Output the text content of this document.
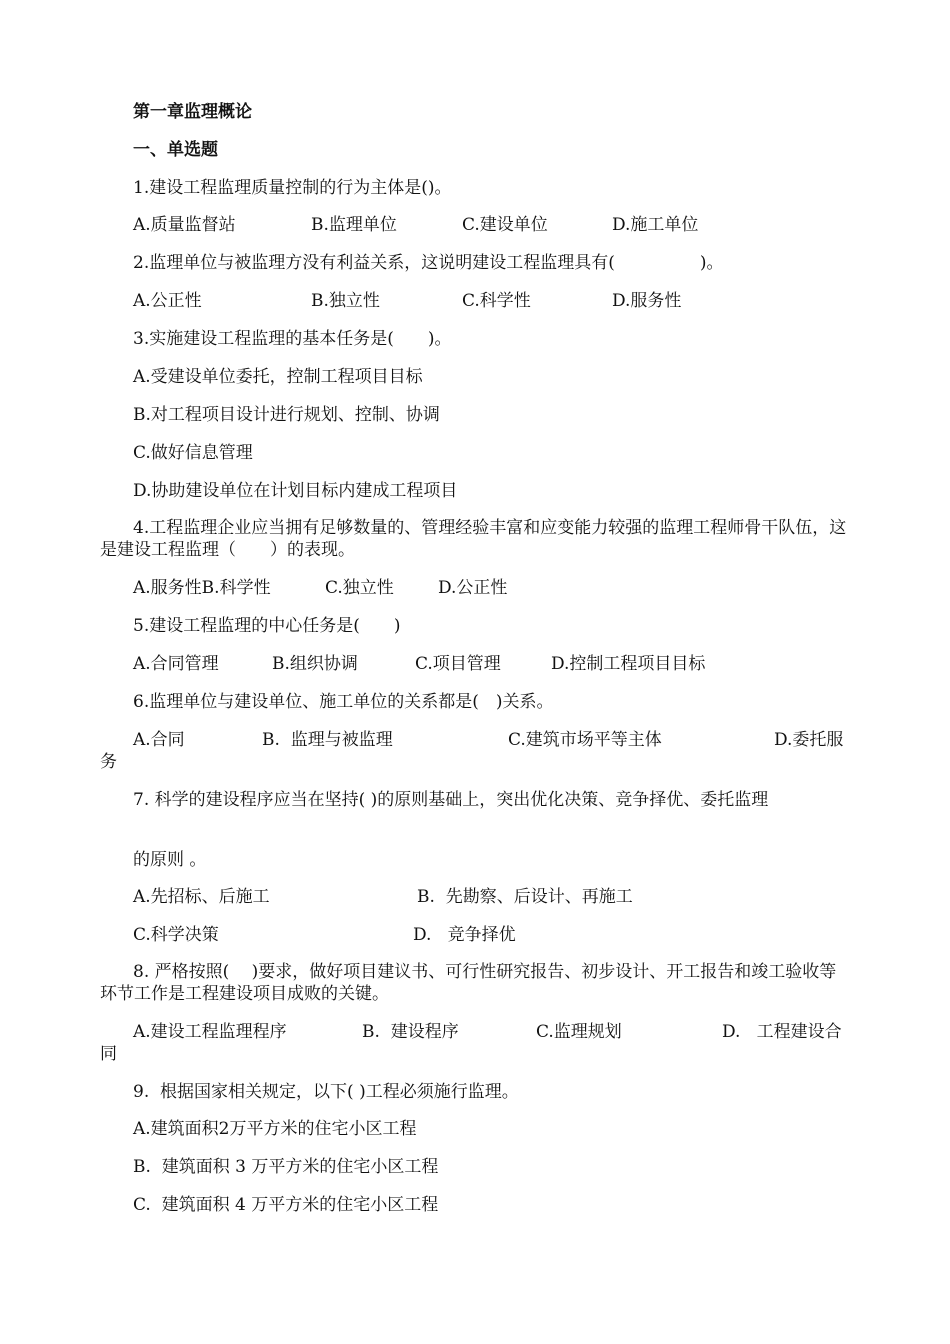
第一章监理概论
一、单选题
1.建设工程监理质量控制的行为主体是()。
A.质量监督站	B.监理单位	C.建设单位	D.施工单位
2.监理单位与被监理方没有利益关系，这说明建设工程监理具有(　　　　　)。
A.公正性	B.独立性	C.科学性	D.服务性
3.实施建设工程监理的基本任务是(　　)。
A.受建设单位委托，控制工程项目目标
B.对工程项目设计进行规划、控制、协调
C.做好信息管理
D.协助建设单位在计划目标内建成工程项目
4.工程监理企业应当拥有足够数量的、管理经验丰富和应变能力较强的监理工程师骨干队伍，这是建设工程监理（　　）的表现。
A.服务性B.科学性	C.独立性	D.公正性
5.建设工程监理的中心任务是(　　)
A.合同管理	B.组织协调	C.项目管理	D.控制工程项目目标
6.监理单位与建设单位、施工单位的关系都是(　)关系。
A.合同	B.  监理与被监理	C.建筑市场平等主体	D.委托服
务
7. 科学的建设程序应当在坚持( )的原则基础上，突出优化决策、竞争择优、委托监理
的原则 。
A.先招标、后施工	B.  先勘察、后设计、再施工
C.科学决策	D.   竞争择优
8. 严格按照(　 )要求，做好项目建议书、可行性研究报告、初步设计、开工报告和竣工验收等环节工作是工程建设项目成败的关键。
A.建设工程监理程序	B.  建设程序	C.监理规划	D.   工程建设合
同
9.  根据国家相关规定，以下( )工程必须施行监理。
A.建筑面积2万平方米的住宅小区工程
B.  建筑面积 3 万平方米的住宅小区工程
C.  建筑面积 4 万平方米的住宅小区工程
